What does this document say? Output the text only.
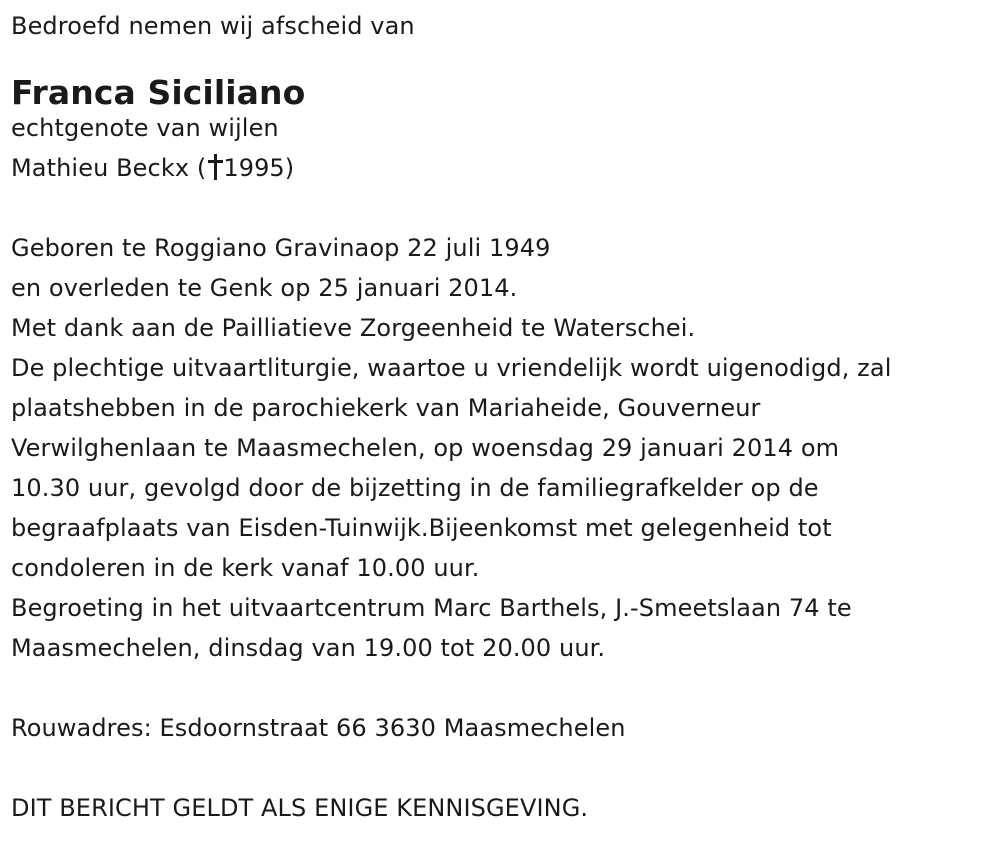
Bedroefd nemen wij afscheid van
Franca Siciliano
echtgenote van wijlen
Mathieu Beckx ( 1995)
Geboren te Roggiano Gravinaop 22 juli 1949
en overleden te Genk op 25 januari 2014.
Met dank aan de Pailliatieve Zorgeenheid te Waterschei.
De plechtige uitvaartliturgie, waartoe u vriendelijk wordt uigenodigd, zal
plaatshebben in de parochiekerk van Mariaheide, Gouverneur
Verwilghenlaan te Maasmechelen, op woensdag 29 januari 2014 om
10.30 uur, gevolgd door de bijzetting in de familiegrafkelder op de
begraafplaats van Eisden-Tuinwijk.Bijeenkomst met gelegenheid tot
condoleren in de kerk vanaf 10.00 uur.
Begroeting in het uitvaartcentrum Marc Barthels, J.-Smeetslaan 74 te
Maasmechelen, dinsdag van 19.00 tot 20.00 uur.
Rouwadres: Esdoornstraat 66 3630 Maasmechelen
DIT BERICHT GELDT ALS ENIGE KENNISGEVING.
